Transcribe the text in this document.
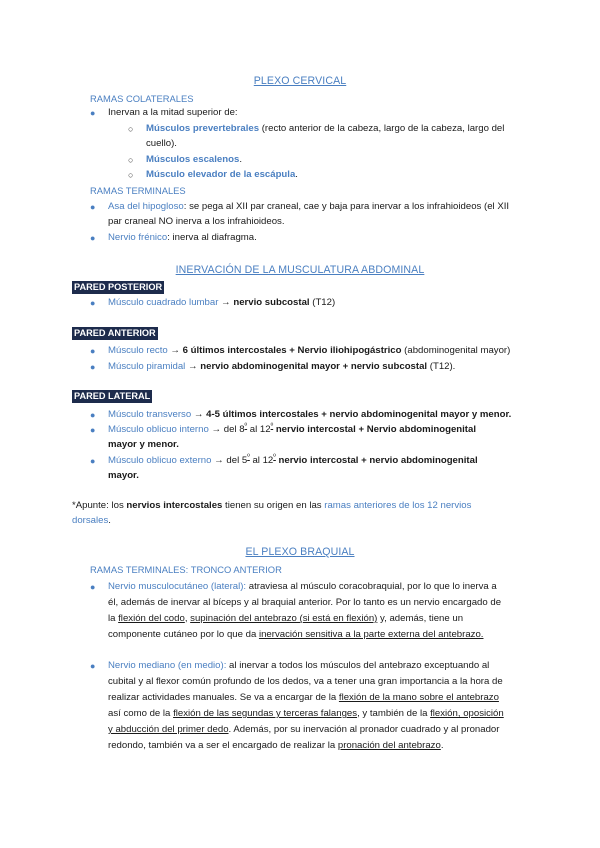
PLEXO CERVICAL
RAMAS COLATERALES
● Inervan a la mitad superior de:
○ Músculos prevertebrales (recto anterior de la cabeza, largo de la cabeza, largo del
cuello).
○ Músculos escalenos.
○ Músculo elevador de la escápula.
RAMAS TERMINALES
● Asa del hipogloso: se pega al XII par craneal, cae y baja para inervar a los infrahioideos (el XII
par craneal NO inerva a los infrahioideos.
● Nervio frénico: inerva al diafragma.
INERVACIÓN DE LA MUSCULATURA ABDOMINAL
PARED POSTERIOR
● Músculo cuadrado lumbar → nervio subcostal (T12)
PARED ANTERIOR
● Músculo recto → 6 últimos intercostales + Nervio iliohipogástrico (abdominogenital mayor)
● Músculo piramidal → nervio abdominogenital mayor + nervio subcostal (T12).
PARED LATERAL
● Músculo transverso → 4-5 últimos intercostales + nervio abdominogenital mayor y menor.
● Músculo oblicuo interno → del $8^º$ al $12^º$ nervio intercostal + Nervio abdominogenital
mayor y menor.
● Músculo oblicuo externo → del $5^º$ al $12^º$ nervio intercostal + nervio abdominogenital
mayor.
*Apunte: los nervios intercostales tienen su origen en las ramas anteriores de los 12 nervios
dorsales.
EL PLEXO BRAQUIAL
RAMAS TERMINALES: TRONCO ANTERIOR
● Nervio musculocutáneo (lateral): atraviesa al músculo coracobraquial, por lo que lo inerva a
él, además de inervar al bíceps y al braquial anterior. Por lo tanto es un nervio encargado de
la flexión del codo, supinación del antebrazo (si está en flexión) y, además, tiene un
componente cutáneo por lo que da inervación sensitiva a la parte externa del antebrazo.
● Nervio mediano (en medio): al inervar a todos los músculos del antebrazo exceptuando al
cubital y al flexor común profundo de los dedos, va a tener una gran importancia a la hora de
realizar actividades manuales. Se va a encargar de la flexión de la mano sobre el antebrazo
así como de la flexión de las segundas y terceras falanges, y también de la flexión, oposición
y abducción del primer dedo. Además, por su inervación al pronador cuadrado y al pronador
redondo, también va a ser el encargado de realizar la pronación del antebrazo.
